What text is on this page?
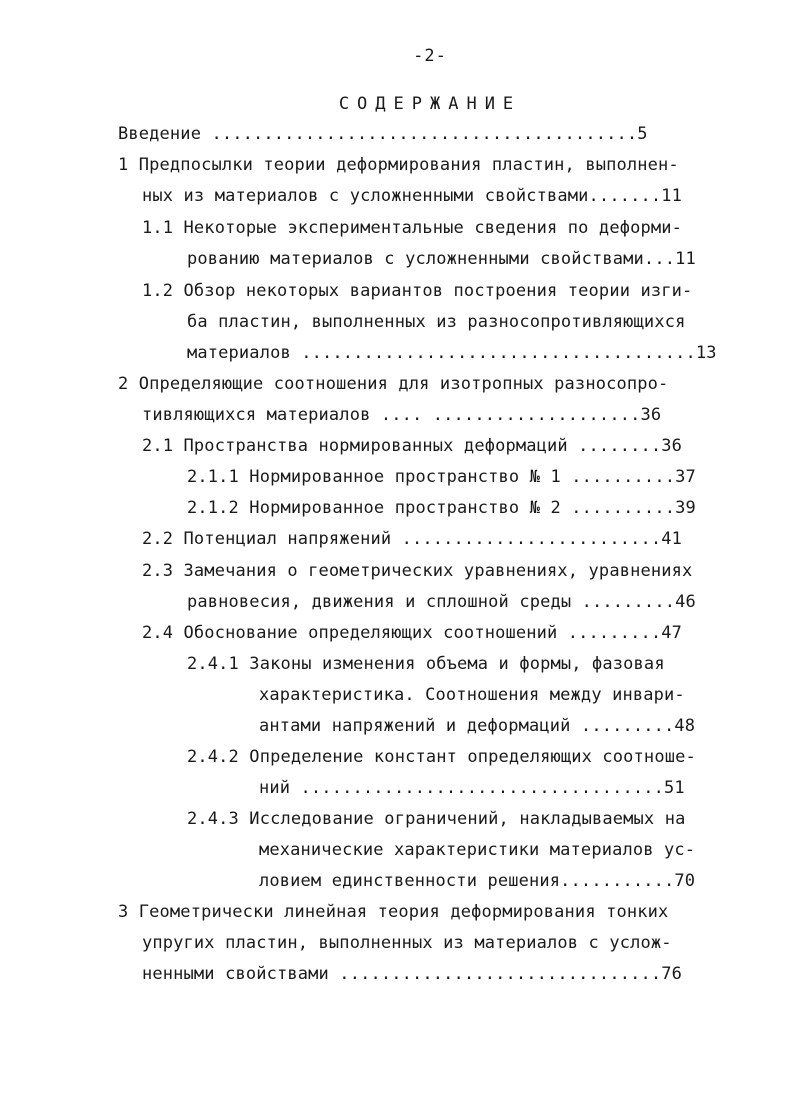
-2-
СОДЕРЖАНИЕ
Введение .........................................5
1 Предпосылки теории деформирования пластин, выполнен-
ных из материалов с усложненными свойствами.......11
1.1 Некоторые экспериментальные сведения по деформи-
рованию материалов с усложненными свойствами...11
1.2 Обзор некоторых вариантов построения теории изги-
ба пластин, выполненных из разносопротивляющихся
материалов ......................................13
2 Определяющие соотношения для изотропных разносопро-
тивляющихся материалов .... ....................36
2.1 Пространства нормированных деформаций ........36
2.1.1 Нормированное пространство № 1 ..........37
2.1.2 Нормированное пространство № 2 ..........39
2.2 Потенциал напряжений .........................41
2.3 Замечания о геометрических уравнениях, уравнениях
равновесия, движения и сплошной среды .........46
2.4 Обоснование определяющих соотношений .........47
2.4.1 Законы изменения объема и формы, фазовая
характеристика. Соотношения между инвари-
антами напряжений и деформаций .........48
2.4.2 Определение констант определяющих соотноше-
ний ...................................51
2.4.3 Исследование ограничений, накладываемых на
механические характеристики материалов ус-
ловием единственности решения...........70
3 Геометрически линейная теория деформирования тонких
упругих пластин, выполненных из материалов с услож-
ненными свойствами ...............................76
